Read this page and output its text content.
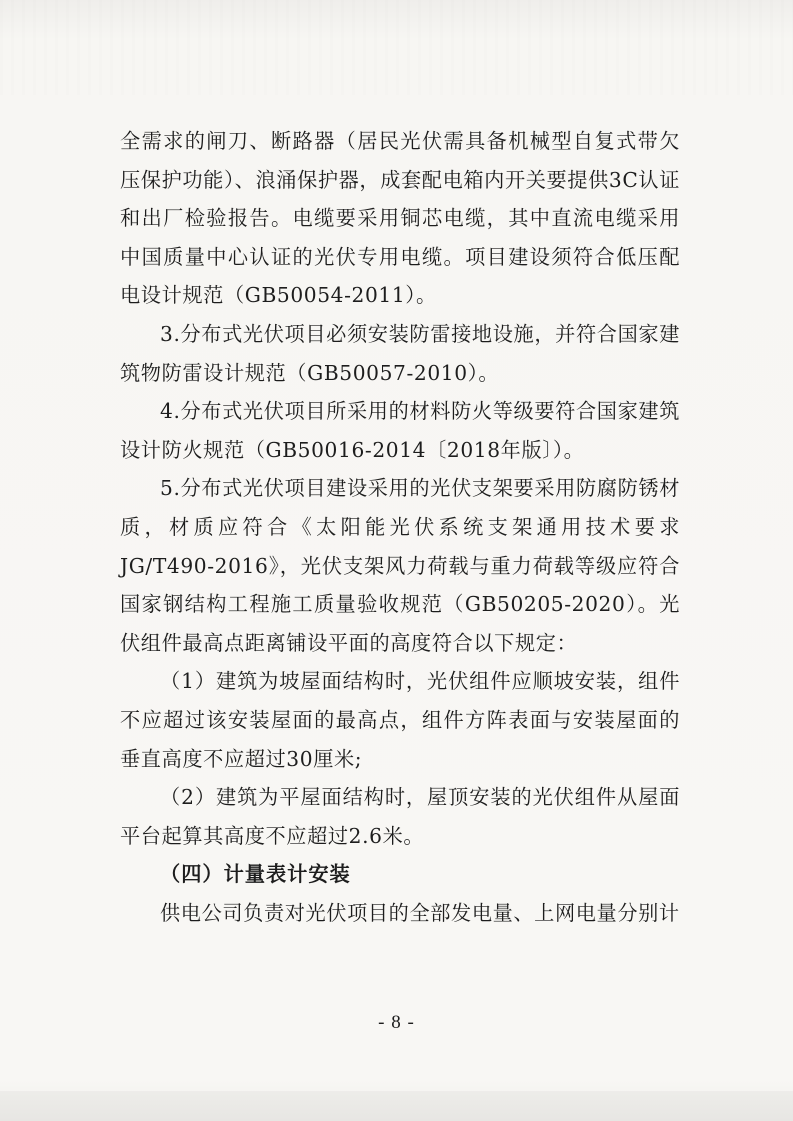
全需求的闸刀、断路器（居民光伏需具备机械型自复式带欠压保护功能）、浪涌保护器，成套配电箱内开关要提供3C认证和出厂检验报告。电缆要采用铜芯电缆，其中直流电缆采用中国质量中心认证的光伏专用电缆。项目建设须符合低压配电设计规范（GB50054-2011）。

3.分布式光伏项目必须安装防雷接地设施，并符合国家建筑物防雷设计规范（GB50057-2010）。

4.分布式光伏项目所采用的材料防火等级要符合国家建筑设计防火规范（GB50016-2014〔2018年版〕）。

5.分布式光伏项目建设采用的光伏支架要采用防腐防锈材质，材质应符合《太阳能光伏系统支架通用技术要求JG/T490-2016》，光伏支架风力荷载与重力荷载等级应符合国家钢结构工程施工质量验收规范（GB50205-2020）。光伏组件最高点距离铺设平面的高度符合以下规定：

（1）建筑为坡屋面结构时，光伏组件应顺坡安装，组件不应超过该安装屋面的最高点，组件方阵表面与安装屋面的垂直高度不应超过30厘米;

（2）建筑为平屋面结构时，屋顶安装的光伏组件从屋面平台起算其高度不应超过2.6米。

（四）计量表计安装

供电公司负责对光伏项目的全部发电量、上网电量分别计

- 8 -
